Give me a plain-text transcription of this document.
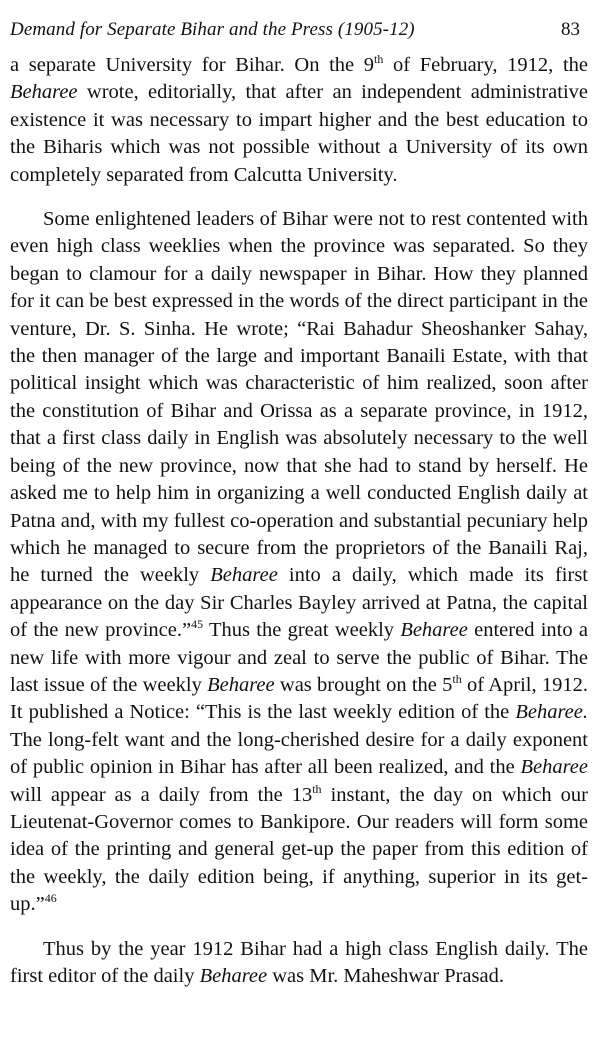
Demand for Separate Bihar and the Press (1905-12)	83

a separate University for Bihar. On the 9th of February, 1912, the Beharee wrote, editorially, that after an independent administrative existence it was necessary to impart higher and the best education to the Biharis which was not possible without a University of its own completely separated from Calcutta University.

Some enlightened leaders of Bihar were not to rest contented with even high class weeklies when the province was separated. So they began to clamour for a daily newspaper in Bihar. How they planned for it can be best expressed in the words of the direct participant in the venture, Dr. S. Sinha. He wrote; “Rai Bahadur Sheoshanker Sahay, the then manager of the large and important Banaili Estate, with that political insight which was characteristic of him realized, soon after the constitution of Bihar and Orissa as a separate province, in 1912, that a first class daily in English was absolutely necessary to the well being of the new province, now that she had to stand by herself. He asked me to help him in organizing a well conducted English daily at Patna and, with my fullest co-operation and substantial pecuniary help which he managed to secure from the proprietors of the Banaili Raj, he turned the weekly Beharee into a daily, which made its first appearance on the day Sir Charles Bayley arrived at Patna, the capital of the new province.”$^{45}$ Thus the great weekly Beharee entered into a new life with more vigour and zeal to serve the public of Bihar. The last issue of the weekly Beharee was brought on the 5th of April, 1912. It published a Notice: “This is the last weekly edition of the Beharee. The long-felt want and the long-cherished desire for a daily exponent of public opinion in Bihar has after all been realized, and the Beharee will appear as a daily from the 13th instant, the day on which our Lieutenat-Governor comes to Bankipore. Our readers will form some idea of the printing and general get-up the paper from this edition of the weekly, the daily edition being, if anything, superior in its get-up.”$^{46}$

Thus by the year 1912 Bihar had a high class English daily. The first editor of the daily Beharee was Mr. Maheshwar Prasad.
